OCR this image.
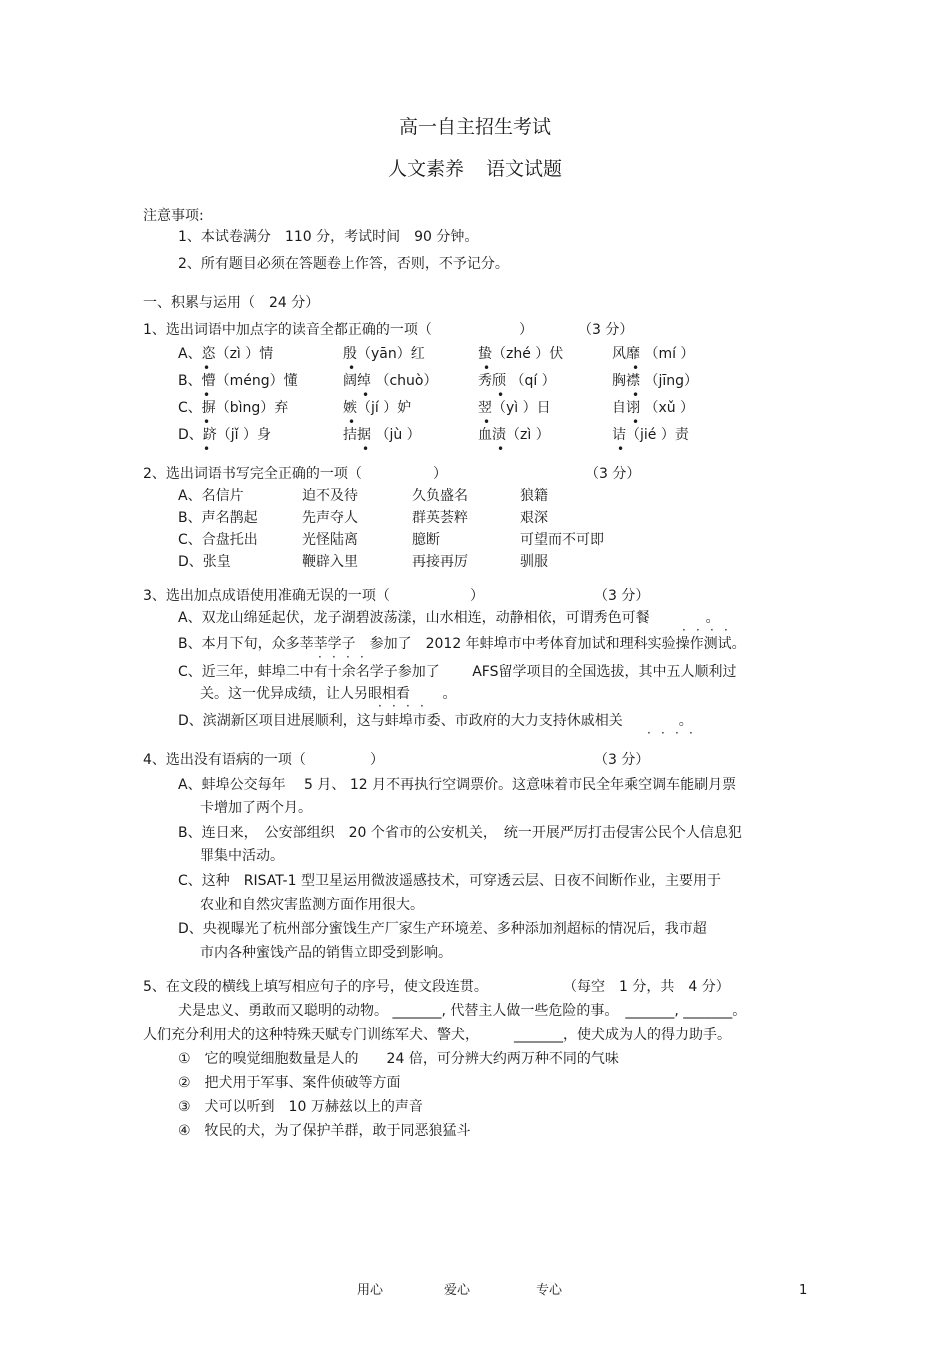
高一自主招生考试
人文素养 语文试题
注意事项:
1、本试卷满分　110 分，考试时间　90 分钟。
2、所有题目必须在答题卷上作答，否则，不予记分。
一、积累与运用（　24 分）
1、选出词语中加点字的读音全都正确的一项（	）	（3 分）
A、恣（zì ）情	殷（yān）红	蛰（zhé ）伏	风靡 （mí ）
B、懵（méng）懂	阔绰 （chuò）	秀颀 （qí ）	胸襟 （jīng）
C、摒（bìng）弃	嫉（jí ）妒	翌（yì ）日	自诩 （xǔ ）
D、跻（jǐ ）身	拮据 （jù ）	血渍（zì ）	诘（jié ）责
•	•	•	•
•	•	•	•
•	•	•	•
•	•	•	•
2、选出词语书写完全正确的一项（	）	（3 分）
A、名信片	迫不及待	久负盛名	狼籍
B、声名鹊起	先声夺人	群英荟粹	艰深
C、合盘托出	光怪陆离	臆断	可望而不可即
D、张皇	鞭辟入里	再接再厉	驯服
3、选出加点成语使用准确无误的一项（	）	（3 分）
A、双龙山绵延起伏，龙子湖碧波荡漾，山水相连，动静相依，可谓秀色可餐　　　　。
· · · ·
B、本月下旬，众多莘莘学子　参加了　2012 年蚌埠市中考体育加试和理科实验操作测试。
· · · ·
C、近三年，蚌埠二中有十余名学子参加了　　 AFS留学项目的全国选拔，其中五人顺利过
关。这一优异成绩，让人另眼相看　　 。
· · · ·
D、滨湖新区项目进展顺利，这与蚌埠市委、市政府的大力支持休戚相关　　　　。
· · · ·
4、选出没有语病的一项（	）	（3 分）
A、蚌埠公交每年　 5 月、 12 月不再执行空调票价。这意味着市民全年乘空调车能刷月票
卡增加了两个月。
B、连日来，　公安部组织　20 个省市的公安机关，　统一开展严厉打击侵害公民个人信息犯
罪集中活动。
C、这种　RISAT-1 型卫星运用微波遥感技术，可穿透云层、日夜不间断作业，主要用于
农业和自然灾害监测方面作用很大。
D、央视曝光了杭州部分蜜饯生产厂家生产环境差、多种添加剂超标的情况后，我市超
市内各种蜜饯产品的销售立即受到影响。
5、在文段的横线上填写相应句子的序号，使文段连贯。	（每空　1 分，共　4 分）
犬是忠义、勇敢而又聪明的动物。 _______, 代替主人做一些危险的事。　_______, _______。
人们充分利用犬的这种特殊天赋专门训练军犬、警犬，　　　_______，使犬成为人的得力助手。
①　它的嗅觉细胞数量是人的　　24 倍，可分辨大约两万种不同的气味
②　把犬用于军事、案件侦破等方面
③　犬可以听到　10 万赫兹以上的声音
④　牧民的犬，为了保护羊群，敢于同恶狼猛斗
用心	爱心	专心	1
